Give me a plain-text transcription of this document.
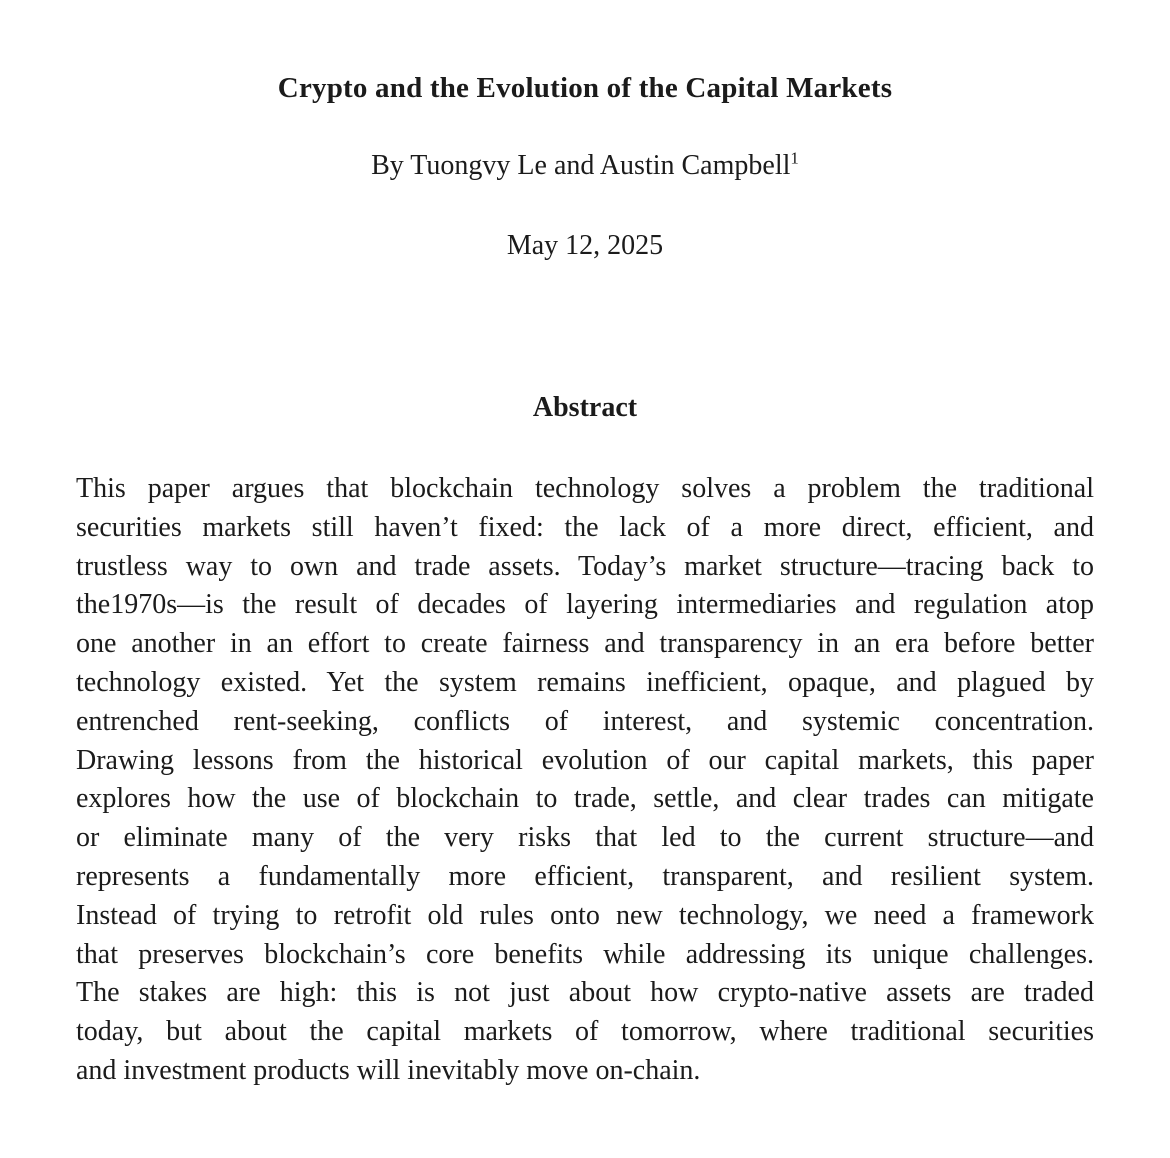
Crypto and the Evolution of the Capital Markets

By Tuongvy Le and Austin Campbell$^1$

May 12, 2025

Abstract
This paper argues that blockchain technology solves a problem the traditional
securities markets still haven’t fixed: the lack of a more direct, efficient, and
trustless way to own and trade assets. Today’s market structure—tracing back to
the1970s—is the result of decades of layering intermediaries and regulation atop
one another in an effort to create fairness and transparency in an era before better
technology existed. Yet the system remains inefficient, opaque, and plagued by
entrenched rent-seeking, conflicts of interest, and systemic concentration.
Drawing lessons from the historical evolution of our capital markets, this paper
explores how the use of blockchain to trade, settle, and clear trades can mitigate
or eliminate many of the very risks that led to the current structure—and
represents a fundamentally more efficient, transparent, and resilient system.
Instead of trying to retrofit old rules onto new technology, we need a framework
that preserves blockchain’s core benefits while addressing its unique challenges.
The stakes are high: this is not just about how crypto-native assets are traded
today, but about the capital markets of tomorrow, where traditional securities
and investment products will inevitably move on-chain.
